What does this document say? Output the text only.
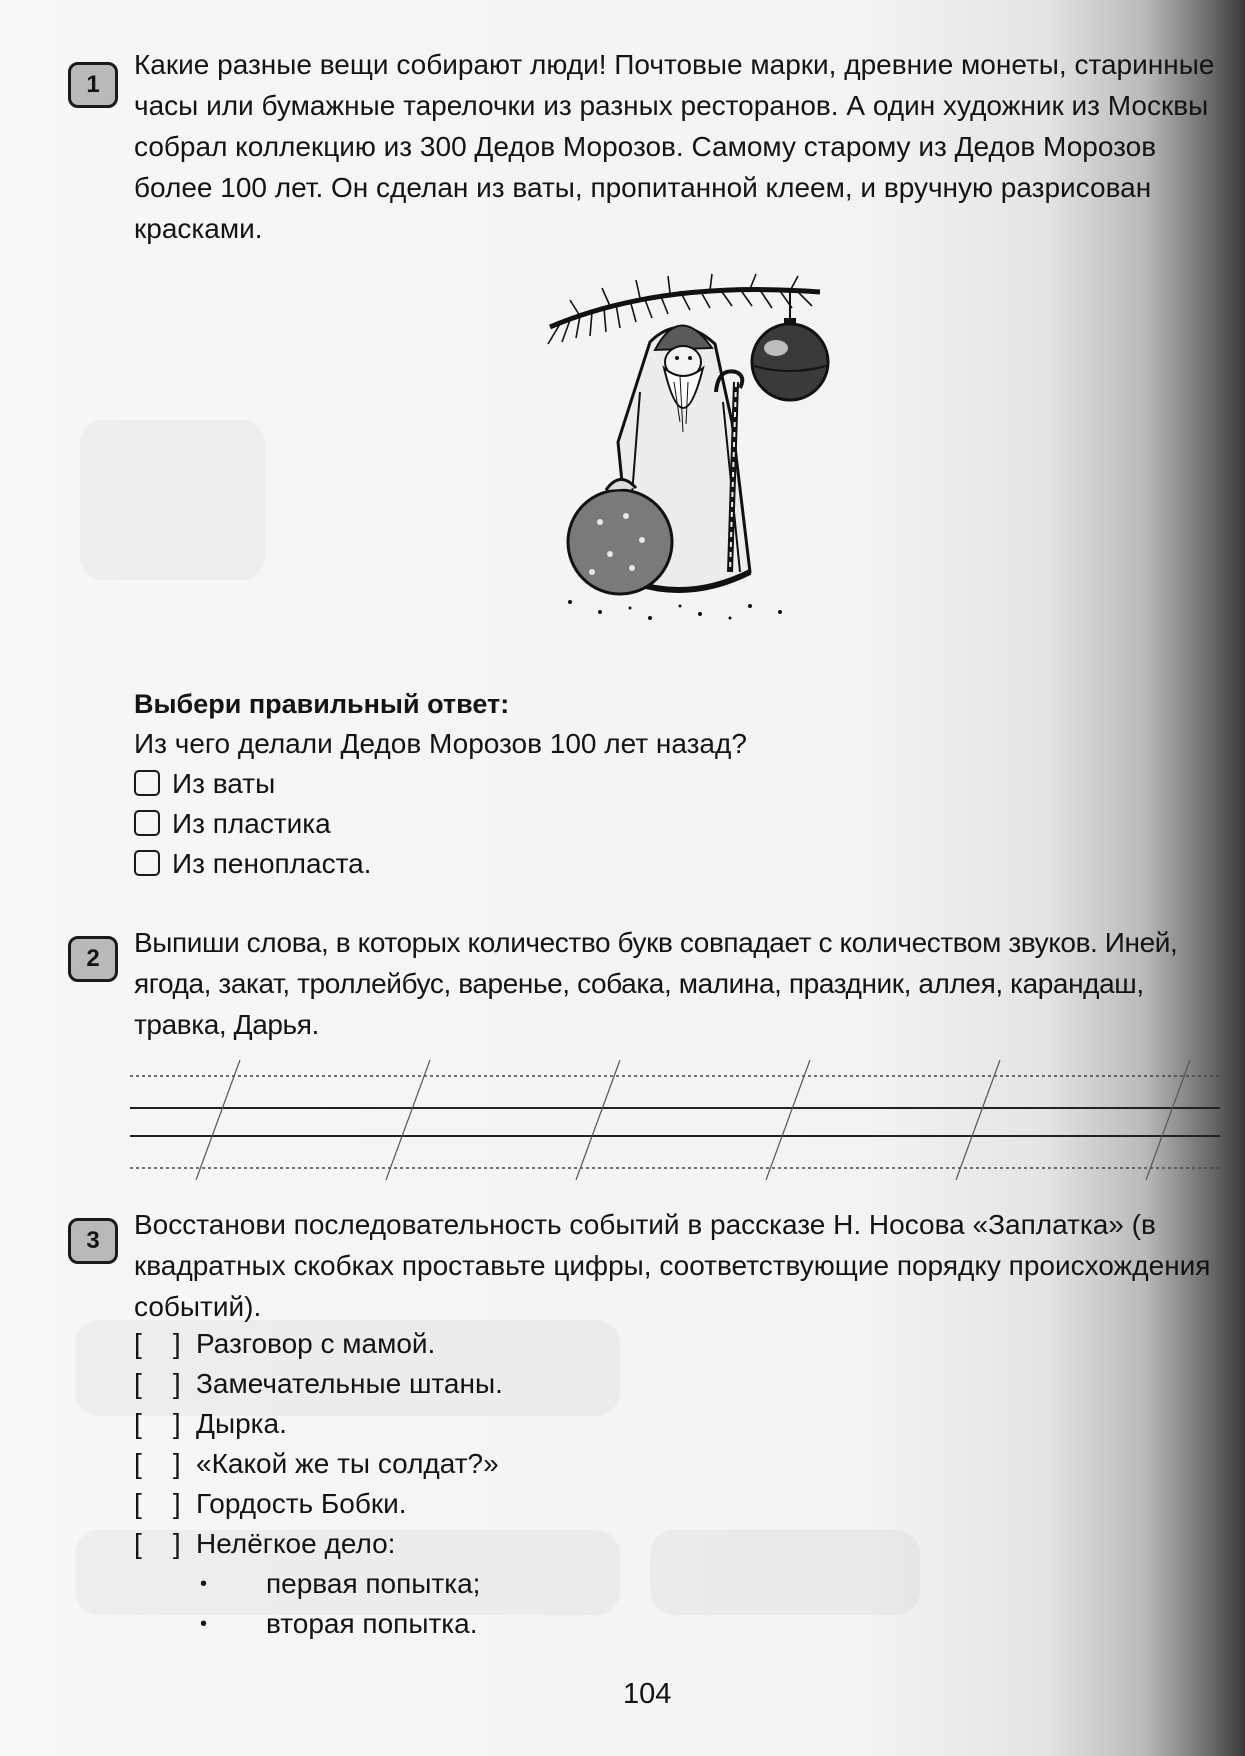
1

Какие разные вещи собирают люди! Почтовые марки, древние монеты, старинные часы или бумажные тарелочки из разных ресторанов. А один художник из Москвы собрал коллекцию из 300 Дедов Морозов. Самому старому из Дедов Морозов более 100 лет. Он сделан из ваты, пропитанной клеем, и вручную разрисован красками.

Выбери правильный ответ:
Из чего делали Дедов Морозов 100 лет назад?
Из ваты
Из пластика
Из пенопласта.
2

Выпиши слова, в которых количество букв совпадает с количеством звуков. Иней, ягода, закат, троллейбус, варенье, собака, малина, праздник, аллея, карандаш, травка, Дарья.

3

Восстанови последовательность событий в рассказе Н. Носова «Заплатка» (в квадратных скобках проставьте цифры, соответствующие порядку происхождения событий).

[ ] Разговор с мамой.
[ ] Замечательные штаны.
[ ] Дырка.
[ ] «Какой же ты солдат?»
[ ] Гордость Бобки.
[ ] Нелёгкое дело:
• первая попытка;
• вторая попытка.
104
